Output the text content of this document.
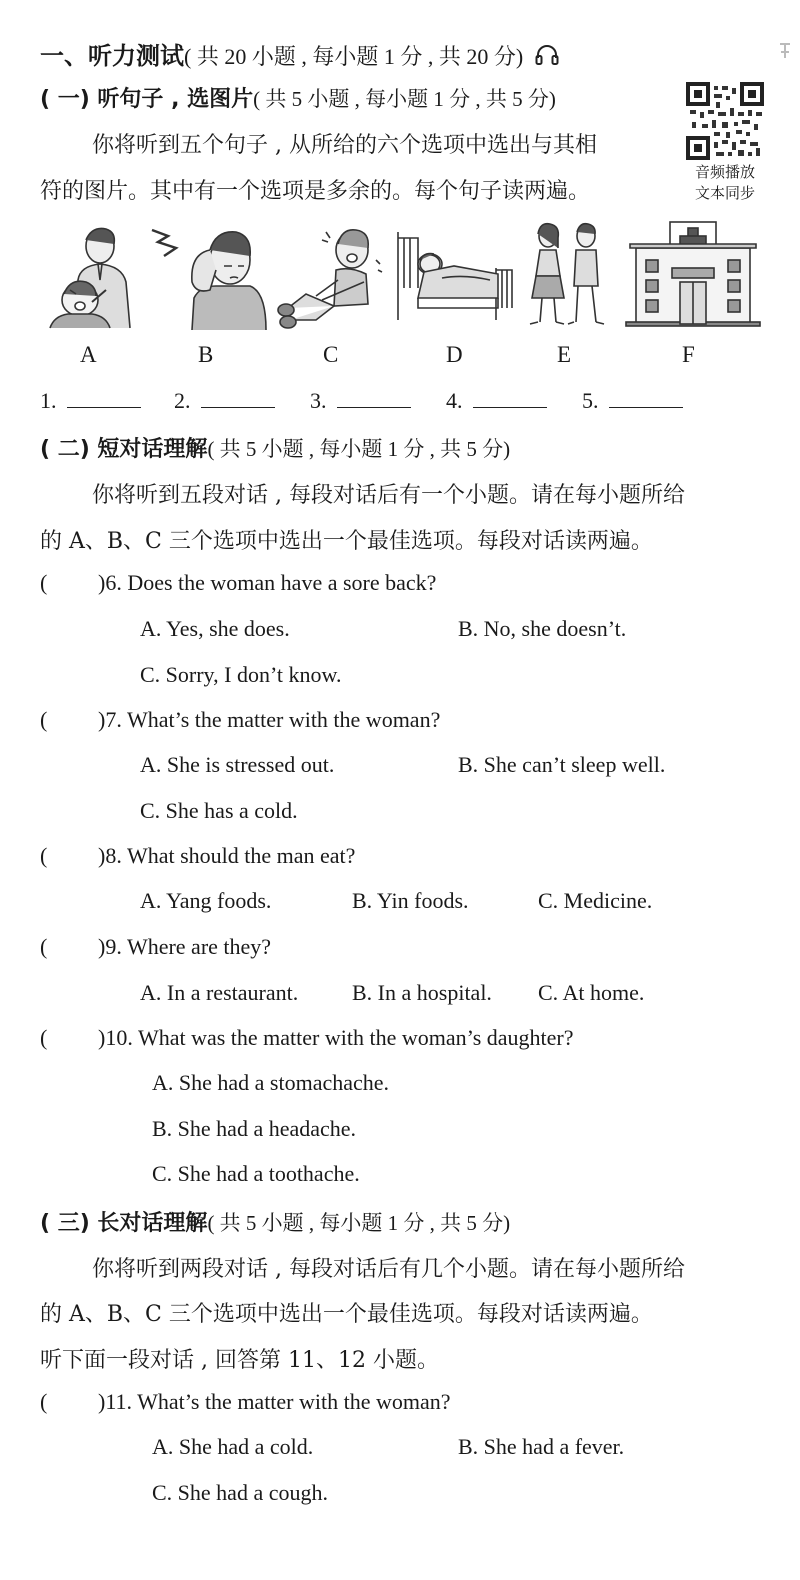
一、听力测试( 共 20 小题 , 每小题 1 分 , 共 20 分)
( 一) 听句子 , 选图片( 共 5 小题 , 每小题 1 分 , 共 5 分)
音频播放
文本同步
你将听到五个句子 , 从所给的六个选项中选出与其相
符的图片。其中有一个选项是多余的。每个句子读两遍。
A	B	C	D	E	F
1.	2.	3.	4.	5.
( 二) 短对话理解( 共 5 小题 , 每小题 1 分 , 共 5 分)
你将听到五段对话 , 每段对话后有一个小题。请在每小题所给
的 A、B、C 三个选项中选出一个最佳选项。每段对话读两遍。
( )6. Does the woman have a sore back?
A. Yes, she does.	B. No, she doesn’t.
C. Sorry, I don’t know.
( )7. What’s the matter with the woman?
A. She is stressed out.	B. She can’t sleep well.
C. She has a cold.
( )8. What should the man eat?
A. Yang foods.	B. Yin foods.	C. Medicine.
( )9. Where are they?
A. In a restaurant. B. In a hospital. C. At home.
( )10. What was the matter with the woman’s daughter?
A. She had a stomachache.
B. She had a headache.
C. She had a toothache.
( 三) 长对话理解( 共 5 小题 , 每小题 1 分 , 共 5 分)
你将听到两段对话 , 每段对话后有几个小题。请在每小题所给
的 A、B、C 三个选项中选出一个最佳选项。每段对话读两遍。
听下面一段对话 , 回答第 11、12 小题。
( )11. What’s the matter with the woman?
A. She had a cold.	B. She had a fever.
C. She had a cough.
